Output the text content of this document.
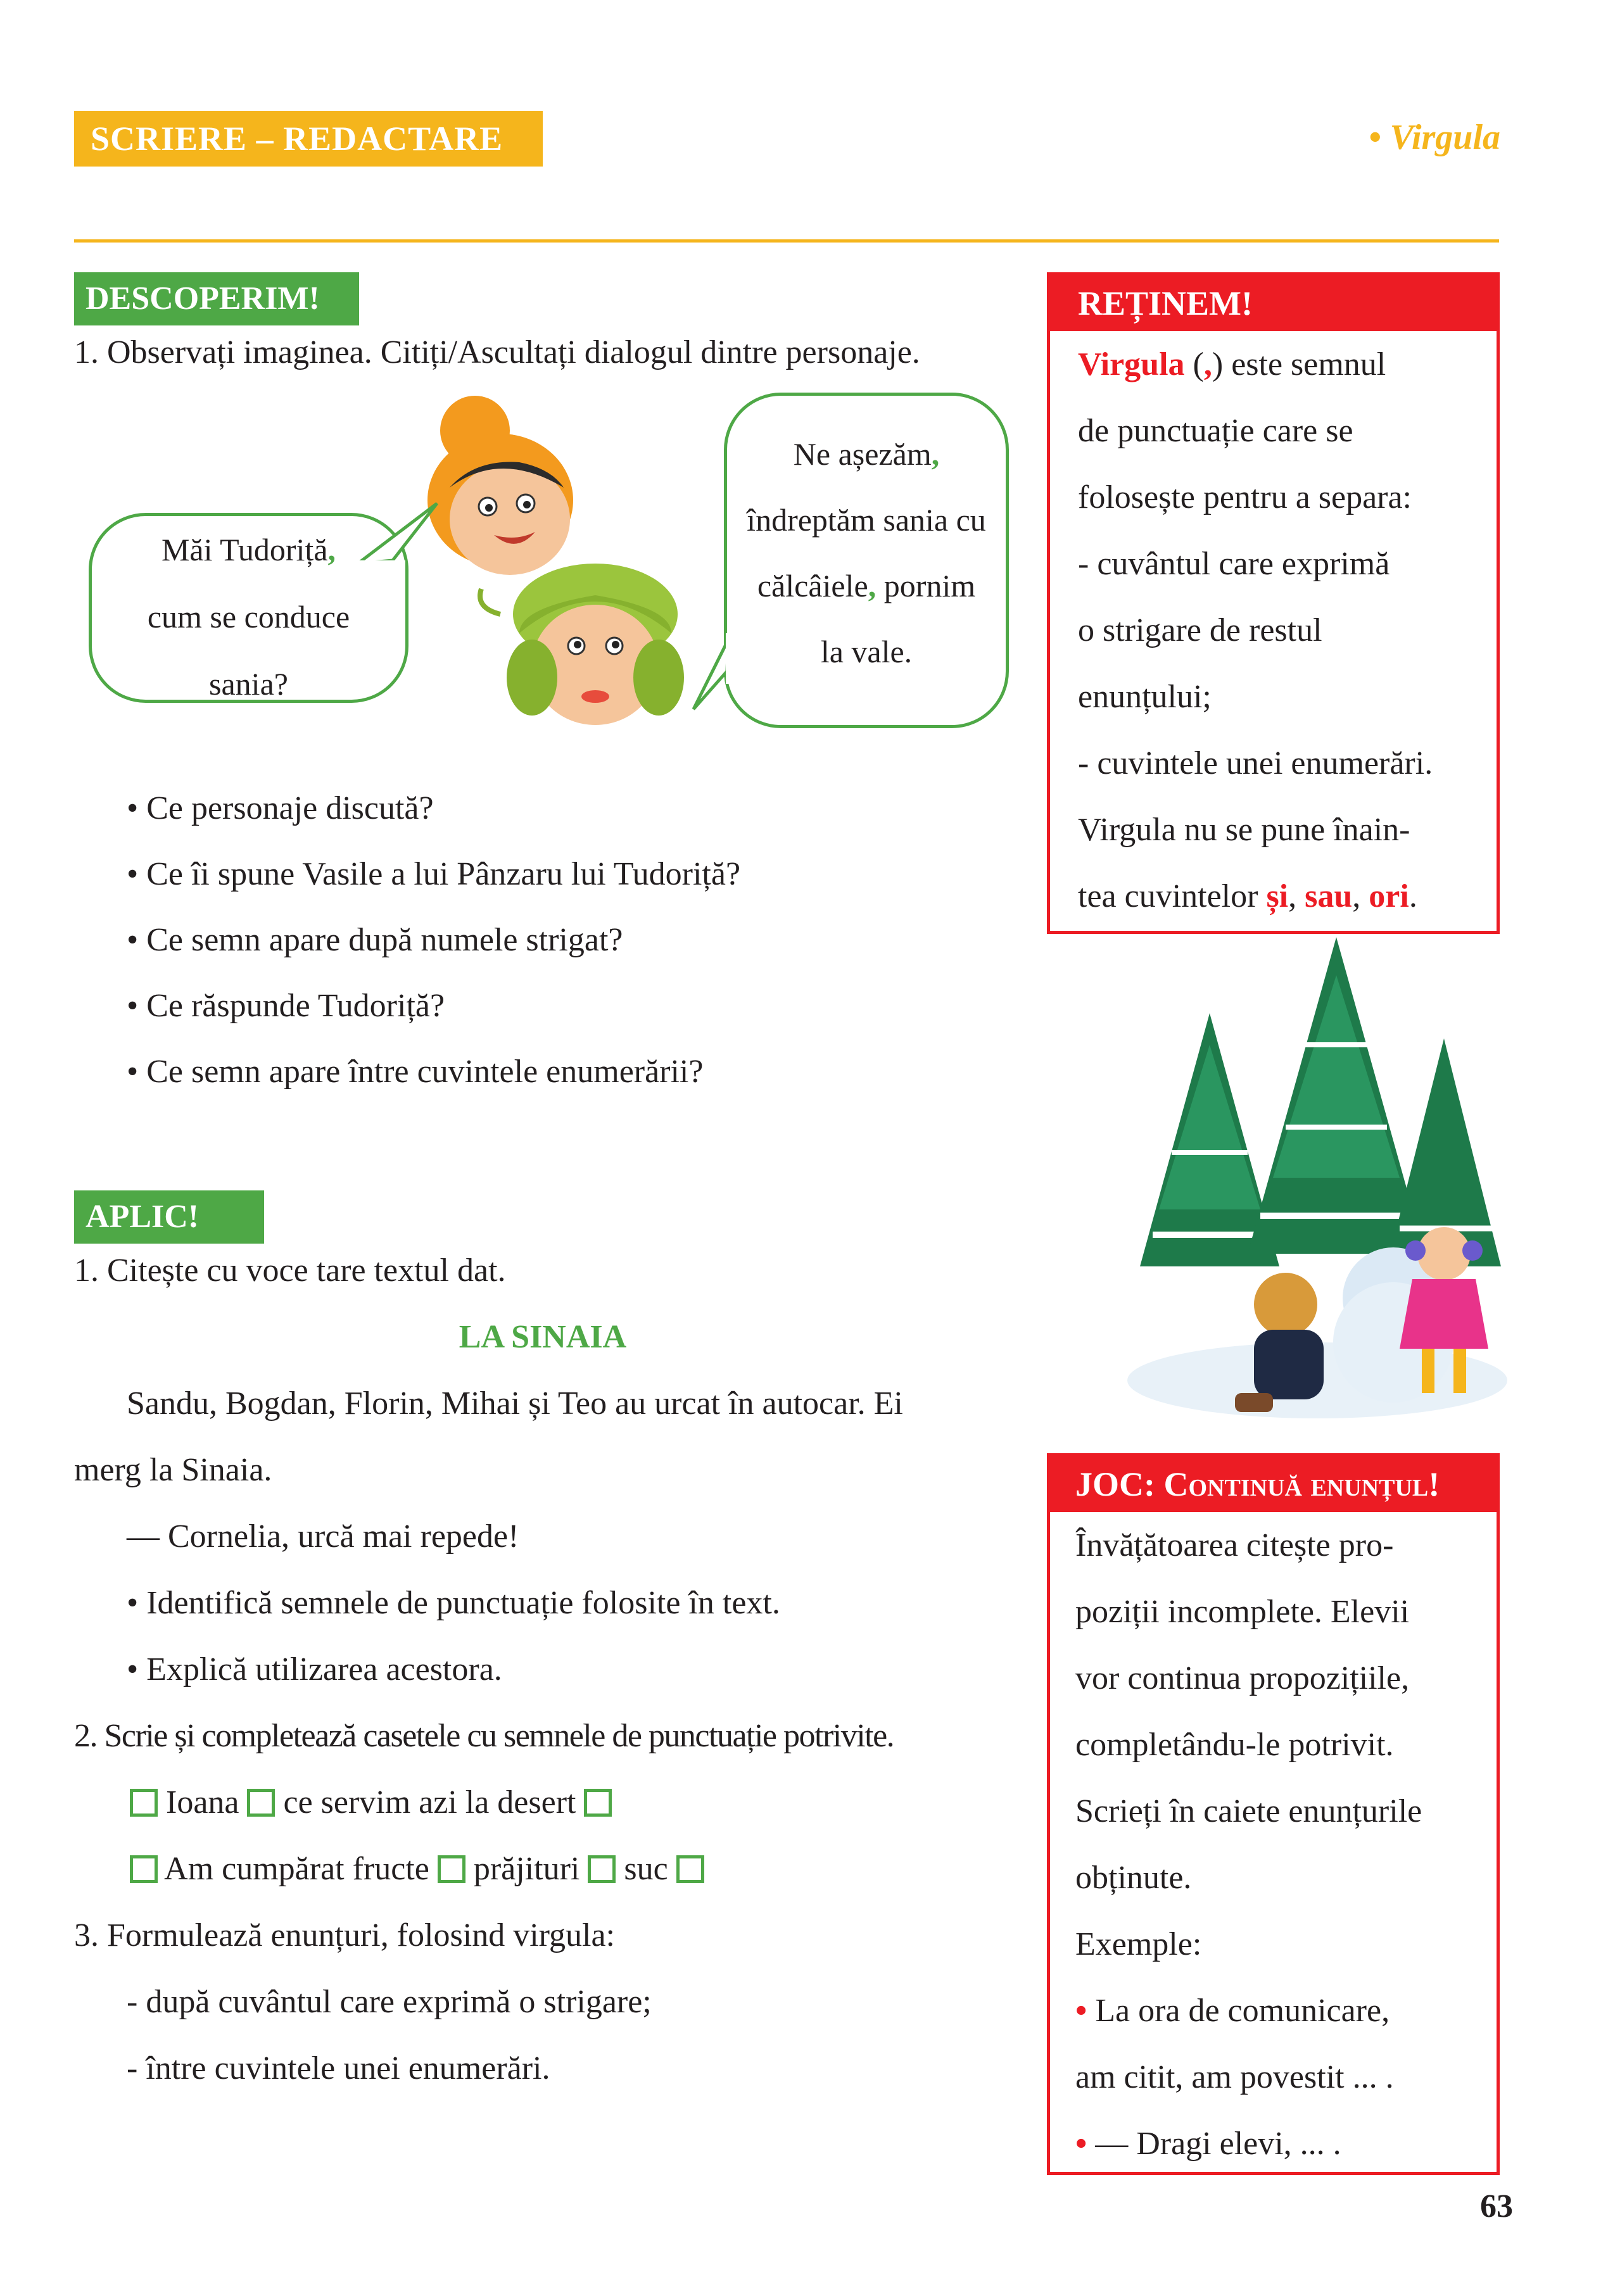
SCRIERE – REDACTARE	• Virgula
DESCOPERIM!
1. Observați imaginea. Citiți/Ascultați dialogul dintre personaje.
Măi Tudoriță,
cum se conduce
sania?
Ne așezăm,
îndreptăm sania cu
călcâiele, pornim
la vale.
• Ce personaje discută?
• Ce îi spune Vasile a lui Pânzaru lui Tudoriță?
• Ce semn apare după numele strigat?
• Ce răspunde Tudoriță?
• Ce semn apare între cuvintele enumerării?
APLIC!
1. Citește cu voce tare textul dat.
LA SINAIA
Sandu, Bogdan, Florin, Mihai și Teo au urcat în autocar. Ei
merg la Sinaia.
— Cornelia, urcă mai repede!
• Identifică semnele de punctuație folosite în text.
• Explică utilizarea acestora.
2. Scrie și completează casetele cu semnele de punctuație potrivite.
Ioana ce servim azi la desert
Am cumpărat fructe prăjituri suc
3. Formulează enunțuri, folosind virgula:
- după cuvântul care exprimă o strigare;
- între cuvintele unei enumerări.
REȚINEM!
Virgula (,) este semnul
de punctuație care se
folosește pentru a separa:
- cuvântul care exprimă
o strigare de restul
enunțului;
- cuvintele unei enumerări.
Virgula nu se pune înain-
tea cuvintelor și, sau, ori.
JOC: Continuă enunțul!
Învățătoarea citește pro-
poziții incomplete. Elevii
vor continua propozițiile,
completându-le potrivit.
Scrieți în caiete enunțurile
obținute.
Exemple:
• La ora de comunicare,
am citit, am povestit ... .
• — Dragi elevi, ... .
63
